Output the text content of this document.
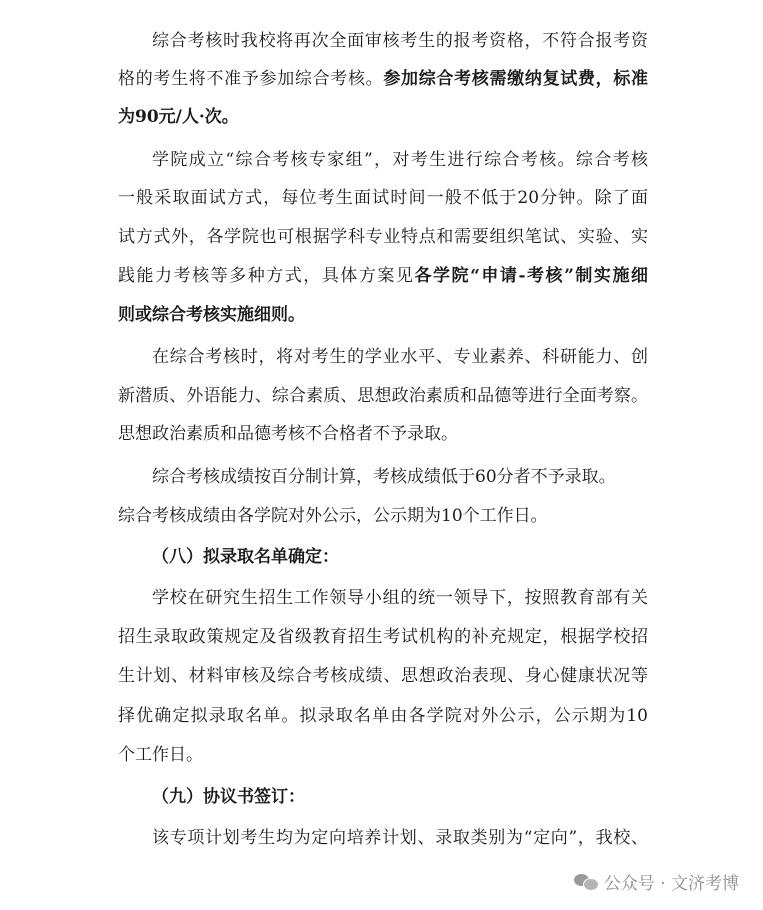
综合考核时我校将再次全面审核考生的报考资格，不符合报考资
格的考生将不准予参加综合考核。参加综合考核需缴纳复试费，标准
为90元/人·次。
学院成立“综合考核专家组”，对考生进行综合考核。综合考核
一般采取面试方式，每位考生面试时间一般不低于20分钟。除了面
试方式外，各学院也可根据学科专业特点和需要组织笔试、实验、实
践能力考核等多种方式，具体方案见各学院“申请-考核”制实施细
则或综合考核实施细则。
在综合考核时，将对考生的学业水平、专业素养、科研能力、创
新潜质、外语能力、综合素质、思想政治素质和品德等进行全面考察。
思想政治素质和品德考核不合格者不予录取。
综合考核成绩按百分制计算，考核成绩低于60分者不予录取。
综合考核成绩由各学院对外公示，公示期为10个工作日。
（八）拟录取名单确定：
学校在研究生招生工作领导小组的统一领导下，按照教育部有关
招生录取政策规定及省级教育招生考试机构的补充规定，根据学校招
生计划、材料审核及综合考核成绩、思想政治表现、身心健康状况等
择优确定拟录取名单。拟录取名单由各学院对外公示，公示期为10
个工作日。
（九）协议书签订：
该专项计划考生均为定向培养计划、录取类别为“定向”，我校、
公众号 · 文济考博
